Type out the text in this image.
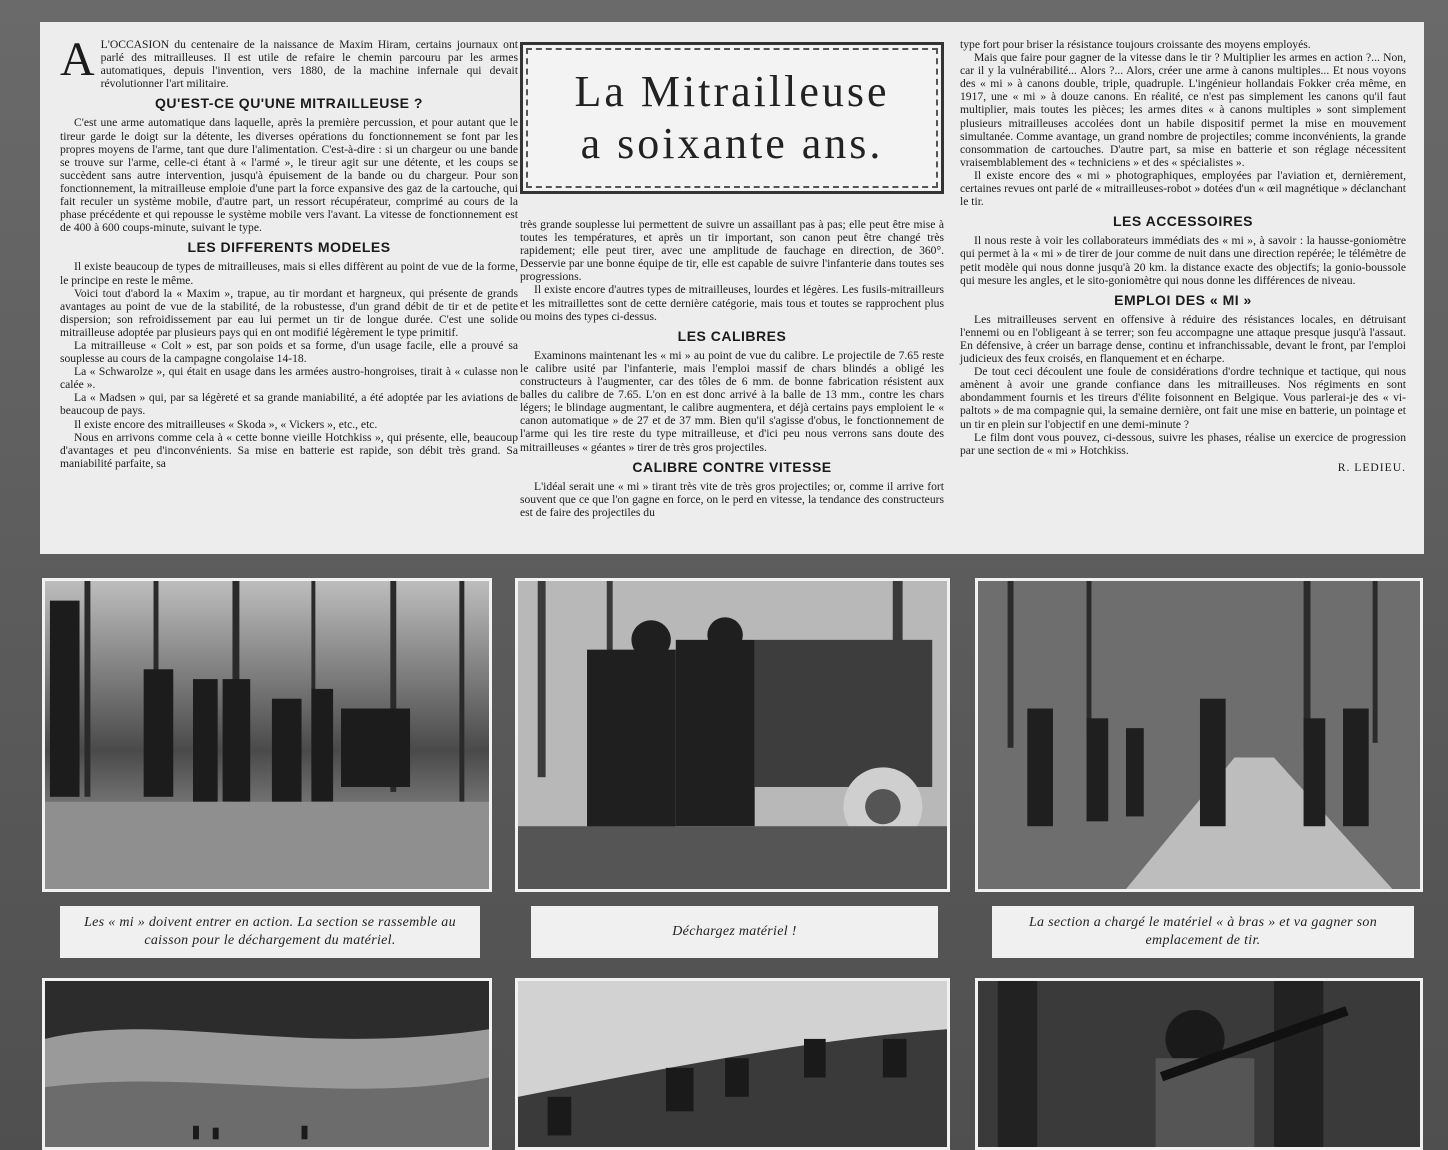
A L'OCCASION du centenaire de la naissance de Maxim Hiram, certains journaux ont parlé des mitrailleuses. Il est utile de refaire le chemin parcouru par les armes automatiques, depuis l'invention, vers 1880, de la machine infernale qui devait révolutionner l'art militaire.

QU'EST-CE QU'UNE MITRAILLEUSE ?

C'est une arme automatique dans laquelle, après la première percussion, et pour autant que le tireur garde le doigt sur la détente, les diverses opérations du fonctionnement se font par les propres moyens de l'arme, tant que dure l'alimentation. C'est-à-dire : si un chargeur ou une bande se trouve sur l'arme, celle-ci étant à « l'armé », le tireur agit sur une détente, et les coups se succèdent sans autre intervention, jusqu'à épuisement de la bande ou du chargeur. Pour son fonctionnement, la mitrailleuse emploie d'une part la force expansive des gaz de la cartouche, qui fait reculer un système mobile, d'autre part, un ressort récupérateur, comprimé au cours de la phase précédente et qui repousse le système mobile vers l'avant. La vitesse de fonctionnement est de 400 à 600 coups-minute, suivant le type.

LES DIFFERENTS MODELES

Il existe beaucoup de types de mitrailleuses, mais si elles diffèrent au point de vue de la forme, le principe en reste le même.

Voici tout d'abord la « Maxim », trapue, au tir mordant et hargneux, qui présente de grands avantages au point de vue de la stabilité, de la robustesse, d'un grand débit de tir et de petite dispersion; son refroidissement par eau lui permet un tir de longue durée. C'est une solide mitrailleuse adoptée par plusieurs pays qui en ont modifié légèrement le type primitif.

La mitrailleuse « Colt » est, par son poids et sa forme, d'un usage facile, elle a prouvé sa souplesse au cours de la campagne congolaise 14-18.

La « Schwarolze », qui était en usage dans les armées austro-hongroises, tirait à « culasse non calée ».

La « Madsen » qui, par sa légèreté et sa grande maniabilité, a été adoptée par les aviations de beaucoup de pays.

Il existe encore des mitrailleuses « Skoda », « Vickers », etc., etc.

Nous en arrivons comme cela à « cette bonne vieille Hotchkiss », qui présente, elle, beaucoup d'avantages et peu d'inconvénients. Sa mise en batterie est rapide, son débit très grand. Sa maniabilité parfaite, sa

La Mitrailleuse
a soixante ans.

très grande souplesse lui permettent de suivre un assaillant pas à pas; elle peut être mise à toutes les températures, et après un tir important, son canon peut être changé très rapidement; elle peut tirer, avec une amplitude de fauchage en direction, de 360°. Desservie par une bonne équipe de tir, elle est capable de suivre l'infanterie dans toutes ses progressions.

Il existe encore d'autres types de mitrailleuses, lourdes et légères. Les fusils-mitrailleurs et les mitraillettes sont de cette dernière catégorie, mais tous et toutes se rapprochent plus ou moins des types ci-dessus.

LES CALIBRES

Examinons maintenant les « mi » au point de vue du calibre. Le projectile de 7.65 reste le calibre usité par l'infanterie, mais l'emploi massif de chars blindés a obligé les constructeurs à l'augmenter, car des tôles de 6 mm. de bonne fabrication résistent aux balles du calibre de 7.65. L'on en est donc arrivé à la balle de 13 mm., contre les chars légers; le blindage augmentant, le calibre augmentera, et déjà certains pays emploient le « canon automatique » de 27 et de 37 mm. Bien qu'il s'agisse d'obus, le fonctionnement de l'arme qui les tire reste du type mitrailleuse, et d'ici peu nous verrons sans doute des mitrailleuses « géantes » tirer de très gros projectiles.

CALIBRE CONTRE VITESSE

L'idéal serait une « mi » tirant très vite de très gros projectiles; or, comme il arrive fort souvent que ce que l'on gagne en force, on le perd en vitesse, la tendance des constructeurs est de faire des projectiles du

type fort pour briser la résistance toujours croissante des moyens employés.

Mais que faire pour gagner de la vitesse dans le tir ? Multiplier les armes en action ?... Non, car il y la vulnérabilité... Alors ?... Alors, créer une arme à canons multiples... Et nous voyons des « mi » à canons double, triple, quadruple. L'ingénieur hollandais Fokker créa même, en 1917, une « mi » à douze canons. En réalité, ce n'est pas simplement les canons qu'il faut multiplier, mais toutes les pièces; les armes dites « à canons multiples » sont simplement plusieurs mitrailleuses accolées dont un habile dispositif permet la mise en mouvement simultanée. Comme avantage, un grand nombre de projectiles; comme inconvénients, la grande consommation de cartouches. D'autre part, sa mise en batterie et son réglage nécessitent vraisemblablement des « techniciens » et des « spécialistes ».

Il existe encore des « mi » photographiques, employées par l'aviation et, dernièrement, certaines revues ont parlé de « mitrailleuses-robot » dotées d'un « œil magnétique » déclanchant le tir.

LES ACCESSOIRES

Il nous reste à voir les collaborateurs immédiats des « mi », à savoir : la hausse-goniomètre qui permet à la « mi » de tirer de jour comme de nuit dans une direction repérée; le télémètre de petit modèle qui nous donne jusqu'à 20 km. la distance exacte des objectifs; la gonio-boussole qui mesure les angles, et le sito-goniomètre qui nous donne les différences de niveau.

EMPLOI DES « MI »

Les mitrailleuses servent en offensive à réduire des résistances locales, en détruisant l'ennemi ou en l'obligeant à se terrer; son feu accompagne une attaque presque jusqu'à l'assaut. En défensive, à créer un barrage dense, continu et infranchissable, devant le front, par l'emploi judicieux des feux croisés, en flanquement et en écharpe.

De tout ceci découlent une foule de considérations d'ordre technique et tactique, qui nous amènent à avoir une grande confiance dans les mitrailleuses. Nos régiments en sont abondamment fournis et les tireurs d'élite foisonnent en Belgique. Vous parlerai-je des « vi-paltots » de ma compagnie qui, la semaine dernière, ont fait une mise en batterie, un pointage et un tir en plein sur l'objectif en une demi-minute ?

Le film dont vous pouvez, ci-dessous, suivre les phases, réalise un exercice de progression par une section de « mi » Hotchkiss.

R. LEDIEU.

Les « mi » doivent entrer en action. La section se rassemble au caisson pour le déchargement du matériel.
Déchargez matériel !
La section a chargé le matériel « à bras » et va gagner son emplacement de tir.
